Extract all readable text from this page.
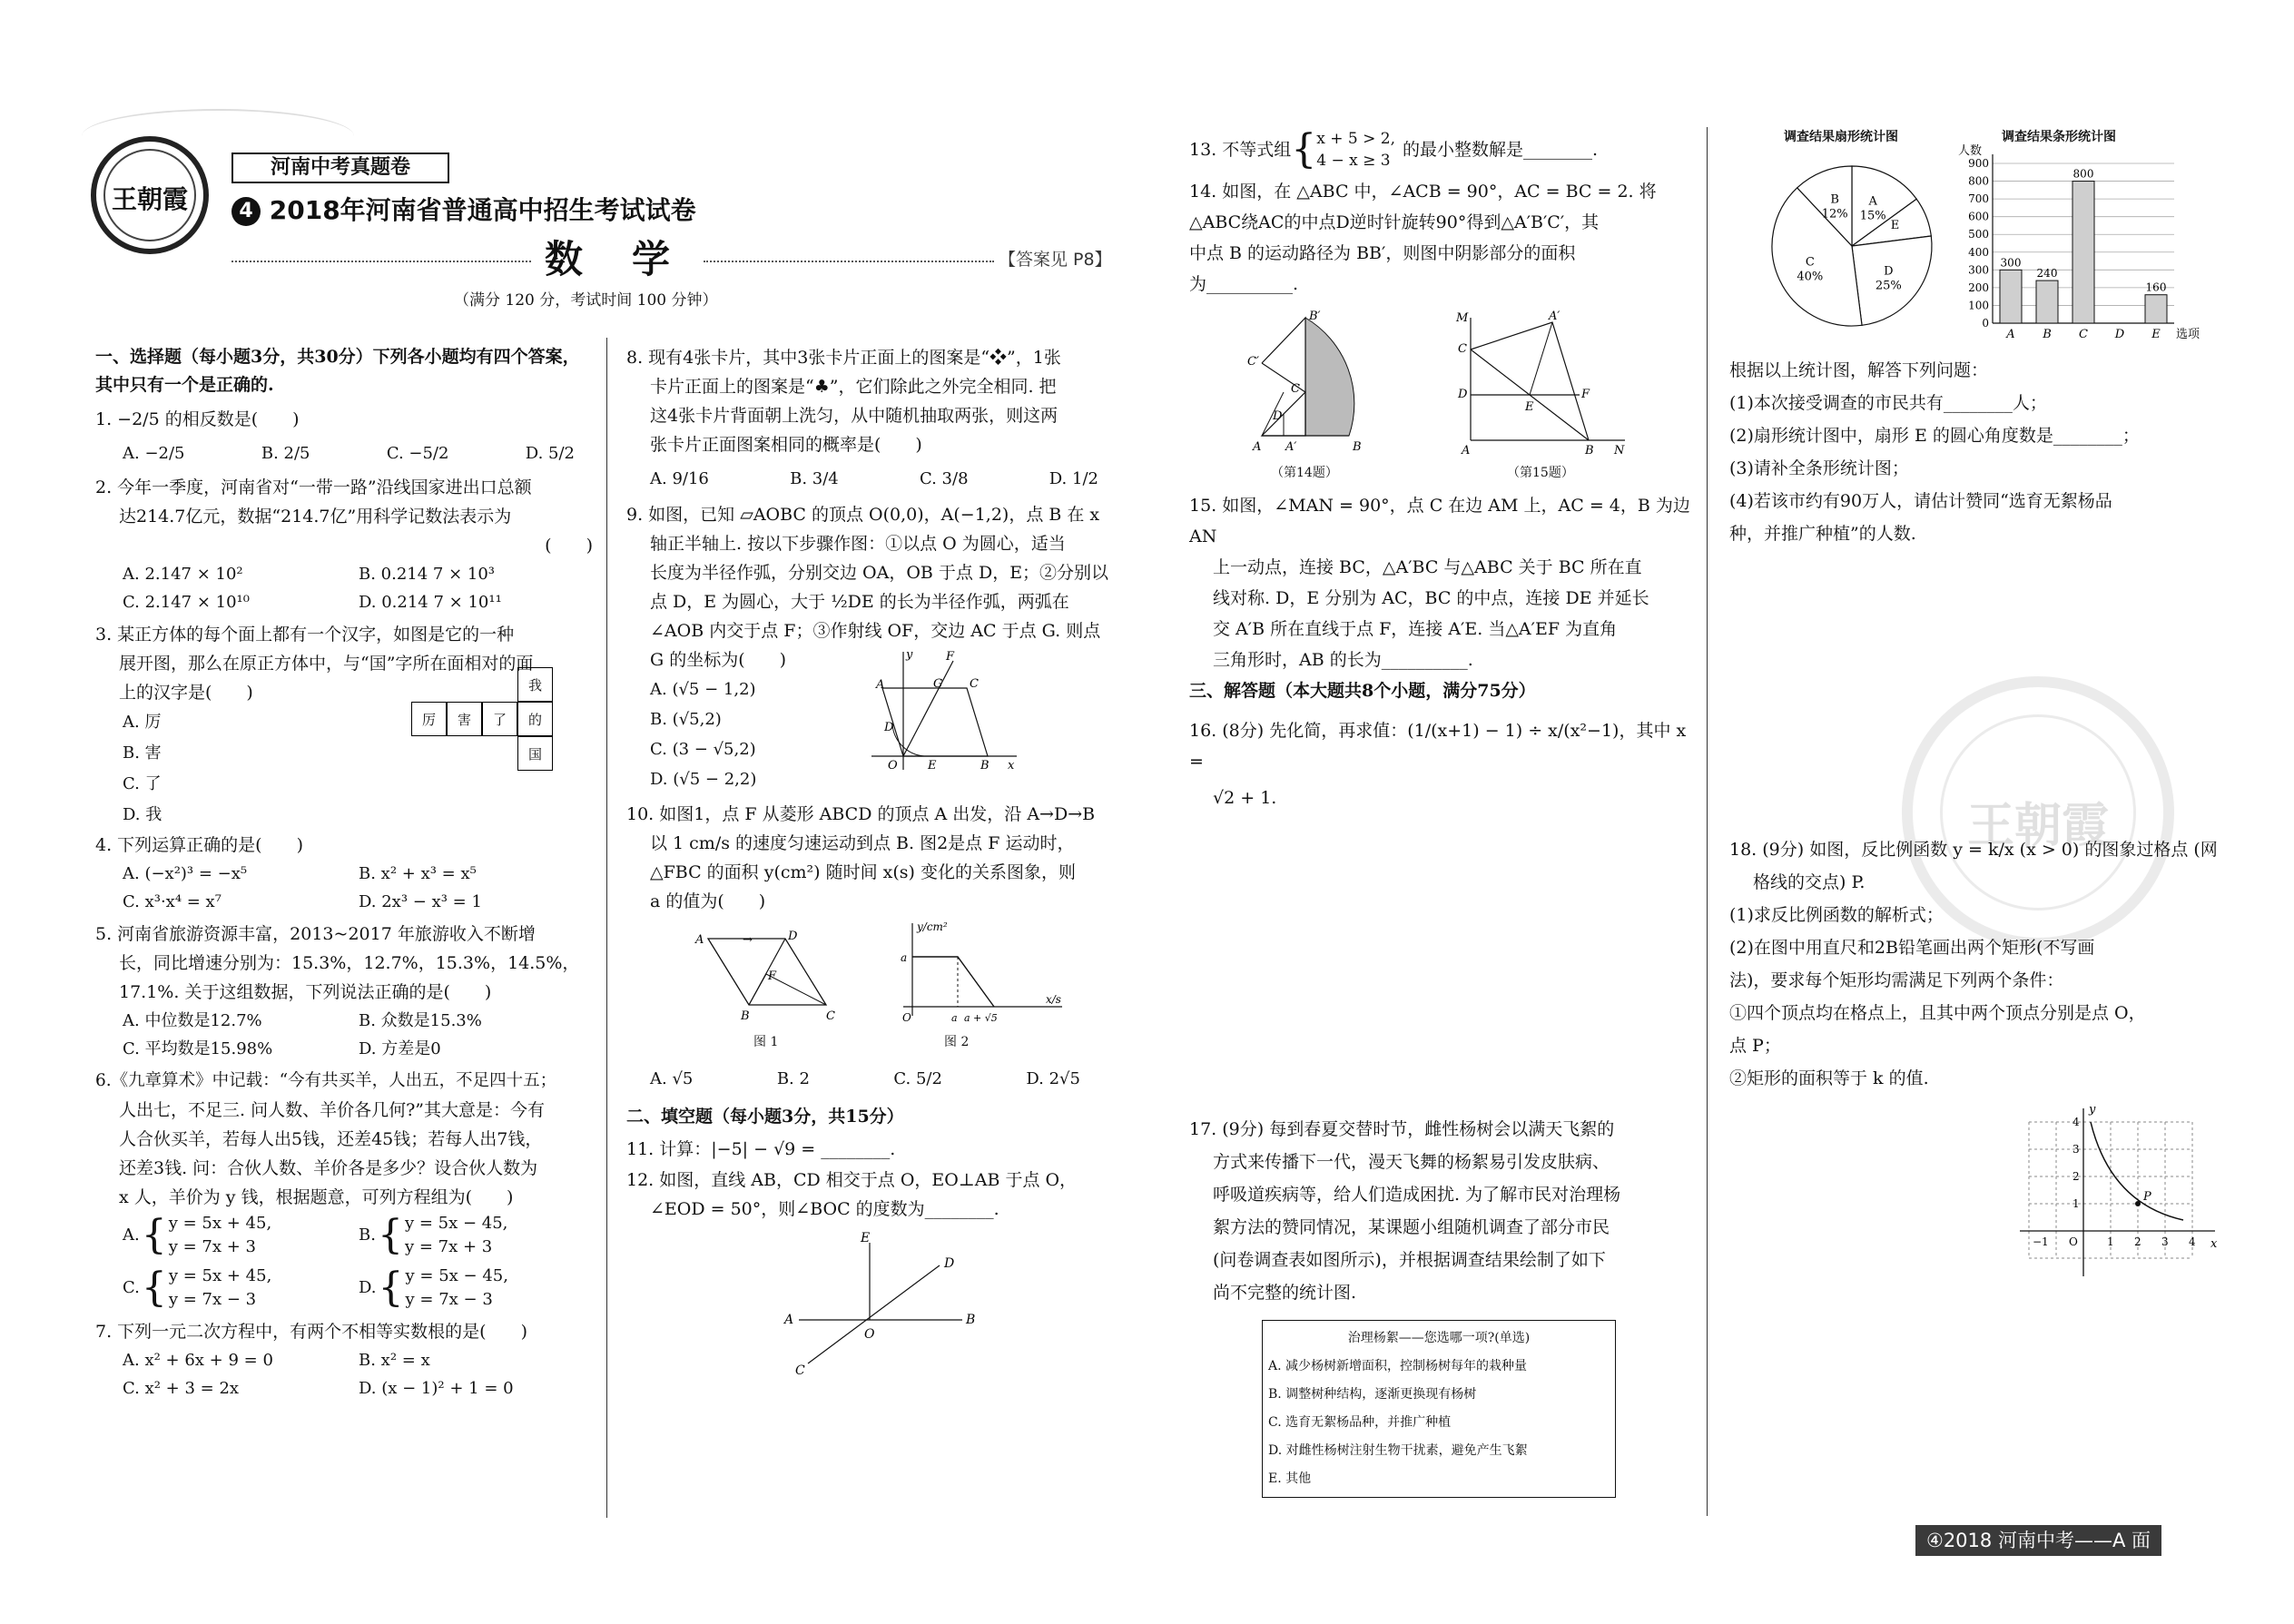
王朝霞
河南中考真题卷
4 2018年河南省普通高中招生考试试卷
数　学	【答案见 P8】
（满分 120 分，考试时间 100 分钟）
一、选择题（每小题3分，共30分）下列各小题均有四个答案，其中只有一个是正确的.
1. −2/5 的相反数是(　　)
A. −2/5	B. 2/5	C. −5/2	D. 5/2
2. 今年一季度，河南省对“一带一路”沿线国家进出口总额
达214.7亿元，数据“214.7亿”用科学记数法表示为
(　　)
A. 2.147 × 10²	B. 0.214 7 × 10³
C. 2.147 × 10¹⁰	D. 0.214 7 × 10¹¹
3. 某正方体的每个面上都有一个汉字，如图是它的一种
展开图，那么在原正方体中，与“国”字所在面相对的面
上的汉字是(　　)
A. 厉
B. 害
C. 了
D. 我
我
厉	害	了	的
国
4. 下列运算正确的是(　　)
A. (−x²)³ = −x⁵	B. x² + x³ = x⁵
C. x³·x⁴ = x⁷	D. 2x³ − x³ = 1
5. 河南省旅游资源丰富，2013~2017 年旅游收入不断增
长，同比增速分别为：15.3%，12.7%，15.3%，14.5%，
17.1%. 关于这组数据，下列说法正确的是(　　)
A. 中位数是12.7%	B. 众数是15.3%
C. 平均数是15.98%	D. 方差是0
6.《九章算术》中记载：“今有共买羊，人出五，不足四十五；
人出七，不足三. 问人数、羊价各几何?”其大意是：今有
人合伙买羊，若每人出5钱，还差45钱；若每人出7钱，
还差3钱. 问：合伙人数、羊价各是多少？设合伙人数为
x 人，羊价为 y 钱，根据题意，可列方程组为(　　)
A. { y = 5x + 45,
y = 7x + 3
B. { y = 5x − 45,
y = 7x + 3
C. { y = 5x + 45,
y = 7x − 3
D. { y = 5x − 45,
y = 7x − 3
7. 下列一元二次方程中，有两个不相等实数根的是(　　)
A. x² + 6x + 9 = 0	B. x² = x
C. x² + 3 = 2x	D. (x − 1)² + 1 = 0
8. 现有4张卡片，其中3张卡片正面上的图案是“❖”，1张
卡片正面上的图案是“♣”，它们除此之外完全相同. 把
这4张卡片背面朝上洗匀，从中随机抽取两张，则这两
张卡片正面图案相同的概率是(　　)
A. 9/16	B. 3/4	C. 3/8	D. 1/2
9. 如图，已知 ▱AOBC 的顶点 O(0,0)，A(−1,2)，点 B 在 x
轴正半轴上. 按以下步骤作图：①以点 O 为圆心，适当
长度为半径作弧，分别交边 OA，OB 于点 D，E；②分别以
点 D，E 为圆心，大于 ½DE 的长为半径作弧，两弧在
∠AOB 内交于点 F；③作射线 OF，交边 AC 于点 G. 则点
G 的坐标为(　　)
A. (√5 − 1,2)
B. (√5,2)
C. (3 − √5,2)
D. (√5 − 2,2)
D
A	C
G
F
O	E	B x
y
10. 如图1，点 F 从菱形 ABCD 的顶点 A 出发，沿 A→D→B
以 1 cm/s 的速度匀速运动到点 B. 图2是点 F 运动时，
△FBC 的面积 y(cm²) 随时间 x(s) 变化的关系图象，则
a 的值为(　　)
A	D
F
B	C
→
图 1
y/cm²
x/s
a
O	a a + √5
图 2
A. √5	B. 2	C. 5/2	D. 2√5
二、填空题（每小题3分，共15分）
11. 计算：|−5| − √9 = ________.
12. 如图，直线 AB，CD 相交于点 O，EO⊥AB 于点 O，
∠EOD = 50°，则∠BOC 的度数为________.
E
D
A	B
O
C
13. 不等式组 { x + 5 > 2,
4 − x ≥ 3
的最小整数解是________.
14. 如图，在 △ABC 中，∠ACB = 90°，AC = BC = 2. 将
△ABC绕AC的中点D逆时针旋转90°得到△A′B′C′，其
中点 B 的运动路径为 BB′，则图中阴影部分的面积
为__________.
B′
C′
C
D
A A′	B
（第14题）
M
C
D
A′
E
F
A	B N
（第15题）
15. 如图，∠MAN = 90°，点 C 在边 AM 上，AC = 4，B 为边 AN
上一动点，连接 BC，△A′BC 与△ABC 关于 BC 所在直
线对称. D，E 分别为 AC，BC 的中点，连接 DE 并延长
交 A′B 所在直线于点 F，连接 A′E. 当△A′EF 为直角
三角形时，AB 的长为__________.
三、解答题（本大题共8个小题，满分75分）
16. (8分) 先化简，再求值：(1/(x+1) − 1) ÷ x/(x²−1)，其中 x =
√2 + 1.
17. (9分) 每到春夏交替时节，雌性杨树会以满天飞絮的
方式来传播下一代，漫天飞舞的杨絮易引发皮肤病、
呼吸道疾病等，给人们造成困扰. 为了解市民对治理杨
絮方法的赞同情况，某课题小组随机调查了部分市民
(问卷调查表如图所示)，并根据调查结果绘制了如下
尚不完整的统计图.
治理杨絮——您选哪一项?(单选)
A. 减少杨树新增面积，控制杨树每年的栽种量
B. 调整树种结构，逐渐更换现有杨树
C. 选育无絮杨品种，并推广种植
D. 对雌性杨树注射生物干扰素，避免产生飞絮
E. 其他
调查结果扇形统计图
A 15%
E
D 25%
C 40%
B 12%
调查结果条形统计图
人数
0
100
200
300
400
500
600
700
800
900
300
A
240
B
800
C D
160
E 选项
根据以上统计图，解答下列问题：
(1)本次接受调查的市民共有________人；
(2)扇形统计图中，扇形 E 的圆心角度数是________；
(3)请补全条形统计图；
(4)若该市约有90万人，请估计赞同“选育无絮杨品
种，并推广种植”的人数.
18. (9分) 如图，反比例函数 y = k/x (x > 0) 的图象过格点 (网
格线的交点) P.
(1)求反比例函数的解析式；
(2)在图中用直尺和2B铅笔画出两个矩形(不写画
法)，要求每个矩形均需满足下列两个条件：
①四个顶点均在格点上，且其中两个顶点分别是点 O，
点 P；
②矩形的面积等于 k 的值.
P
y
x
O
−1	1 2 3 4
1
2
3
4
王朝霞
④2018 河南中考——A 面
